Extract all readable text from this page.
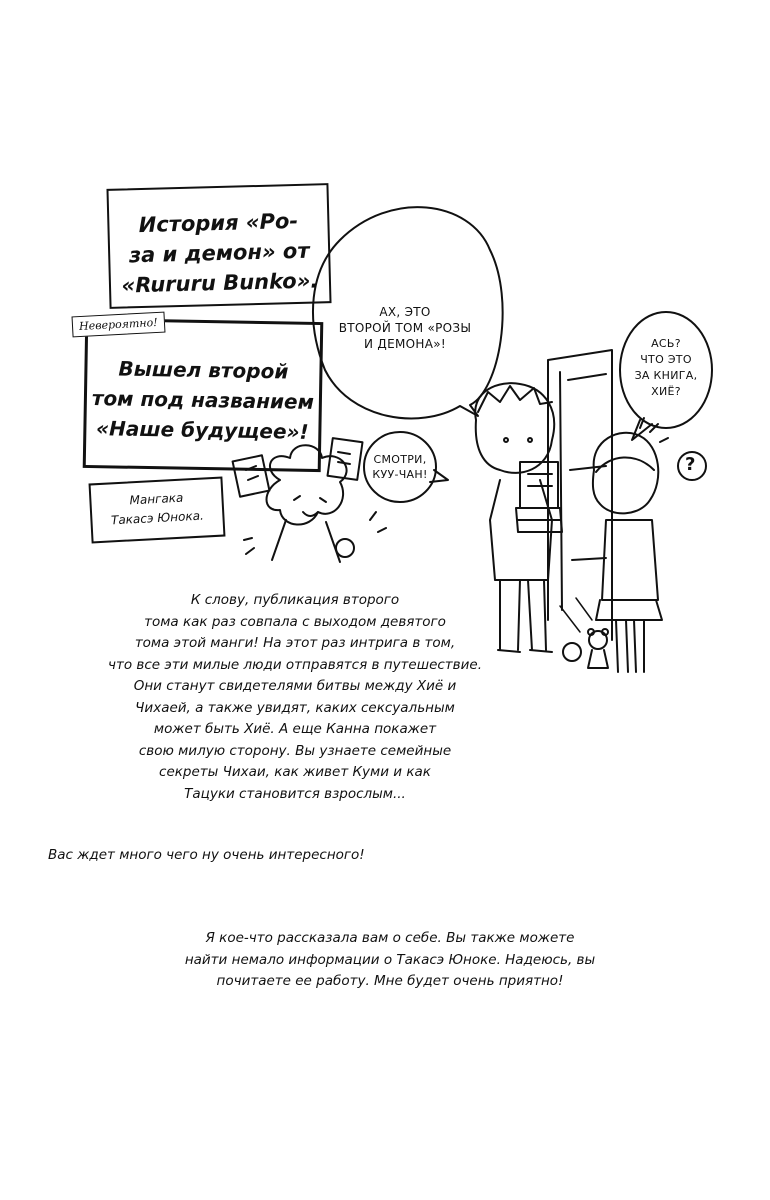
История «Ро-
за и демон» от
«Rururu Bunko».
Вышел второй
том под названием
«Наше будущее»!
Невероятно!
Мангака
Такасэ Юнока.
АХ, ЭТО
ВТОРОЙ ТОМ «РОЗЫ
И ДЕМОНА»!
СМОТРИ,
КУУ-ЧАН!
АСЬ?
ЧТО ЭТО
ЗА КНИГА,
ХИЁ?
?
К слову, публикация второго
тома как раз совпала с выходом девятого
тома этой манги! На этот раз интрига в том,
что все эти милые люди отправятся в путешествие.
Они станут свидетелями битвы между Хиё и
Чихаей, а также увидят, каких сексуальным
может быть Хиё. А еще Канна покажет
свою милую сторону. Вы узнаете семейные
секреты Чихаи, как живет Куми и как
Тацуки становится взрослым...
Вас ждет много чего ну очень интересного!
Я кое-что рассказала вам о себе. Вы также можете
найти немало информации о Такасэ Юноке. Надеюсь, вы
почитаете ее работу. Мне будет очень приятно!
